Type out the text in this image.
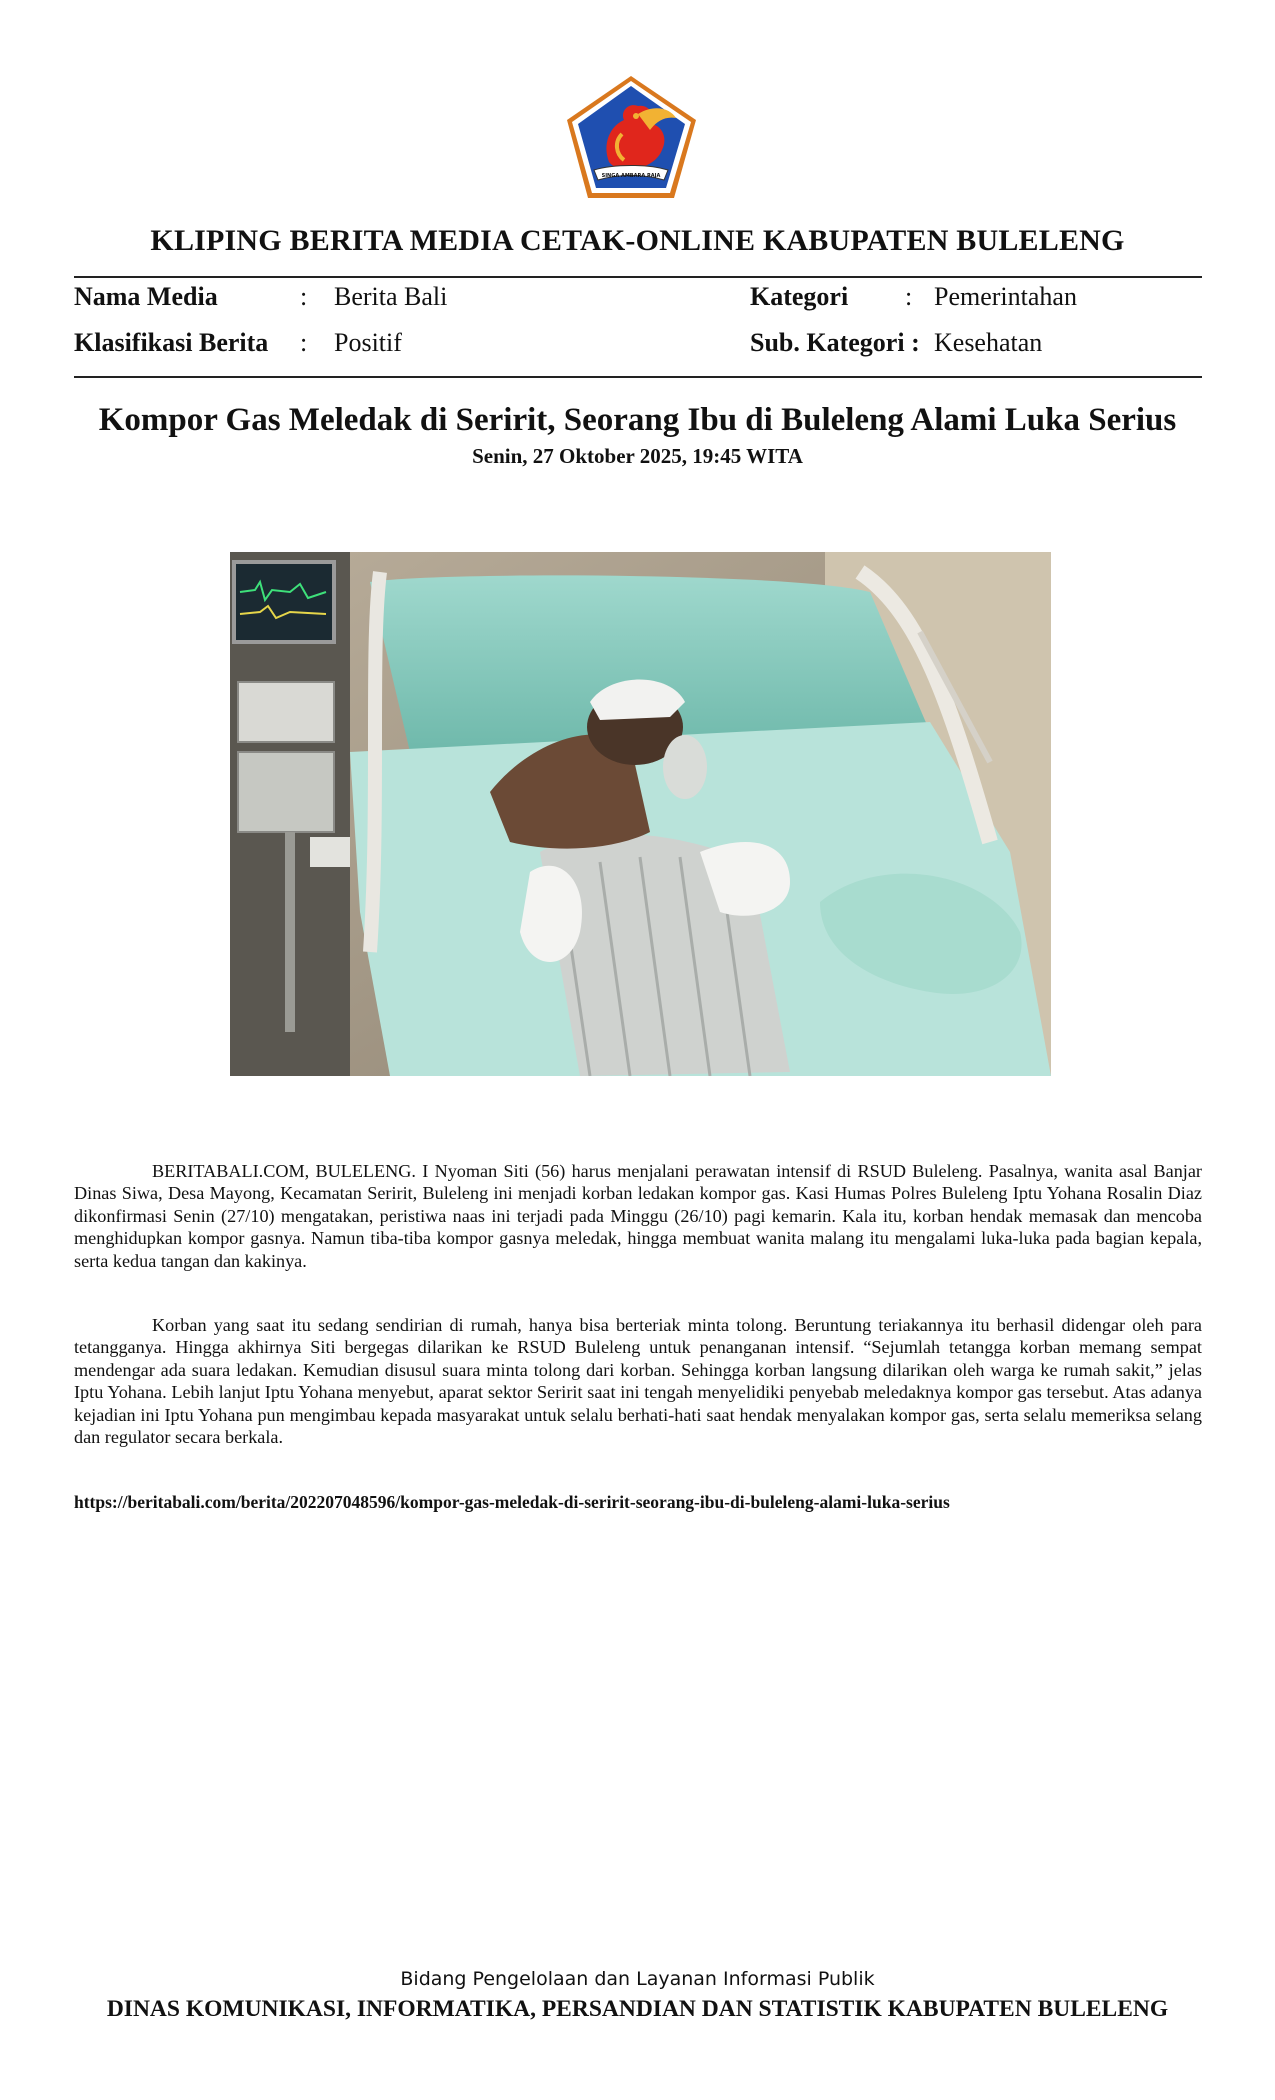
SINGA AMBARA RAJA
KLIPING BERITA MEDIA CETAK-ONLINE KABUPATEN BULELENG
Nama Media	: Berita Bali	Kategori : Pemerintahan
Klasifikasi Berita : Positif	Sub. Kategori : Kesehatan
Kompor Gas Meledak di Seririt, Seorang Ibu di Buleleng Alami Luka Serius
Senin, 27 Oktober 2025, 19:45 WITA

BERITABALI.COM, BULELENG. I Nyoman Siti (56) harus menjalani perawatan intensif di RSUD Buleleng. Pasalnya, wanita asal Banjar Dinas Siwa, Desa Mayong, Kecamatan Seririt, Buleleng ini menjadi korban ledakan kompor gas. Kasi Humas Polres Buleleng Iptu Yohana Rosalin Diaz dikonfirmasi Senin (27/10) mengatakan, peristiwa naas ini terjadi pada Minggu (26/10) pagi kemarin. Kala itu, korban hendak memasak dan mencoba menghidupkan kompor gasnya. Namun tiba-tiba kompor gasnya meledak, hingga membuat wanita malang itu mengalami luka-luka pada bagian kepala, serta kedua tangan dan kakinya.

Korban yang saat itu sedang sendirian di rumah, hanya bisa berteriak minta tolong. Beruntung teriakannya itu berhasil didengar oleh para tetangganya. Hingga akhirnya Siti bergegas dilarikan ke RSUD Buleleng untuk penanganan intensif. “Sejumlah tetangga korban memang sempat mendengar ada suara ledakan. Kemudian disusul suara minta tolong dari korban. Sehingga korban langsung dilarikan oleh warga ke rumah sakit,” jelas Iptu Yohana. Lebih lanjut Iptu Yohana menyebut, aparat sektor Seririt saat ini tengah menyelidiki penyebab meledaknya kompor gas tersebut. Atas adanya kejadian ini Iptu Yohana pun mengimbau kepada masyarakat untuk selalu berhati-hati saat hendak menyalakan kompor gas, serta selalu memeriksa selang dan regulator secara berkala.

https://beritabali.com/berita/202207048596/kompor-gas-meledak-di-seririt-seorang-ibu-di-buleleng-alami-luka-serius
Bidang Pengelolaan dan Layanan Informasi Publik
DINAS KOMUNIKASI, INFORMATIKA, PERSANDIAN DAN STATISTIK KABUPATEN BULELENG
